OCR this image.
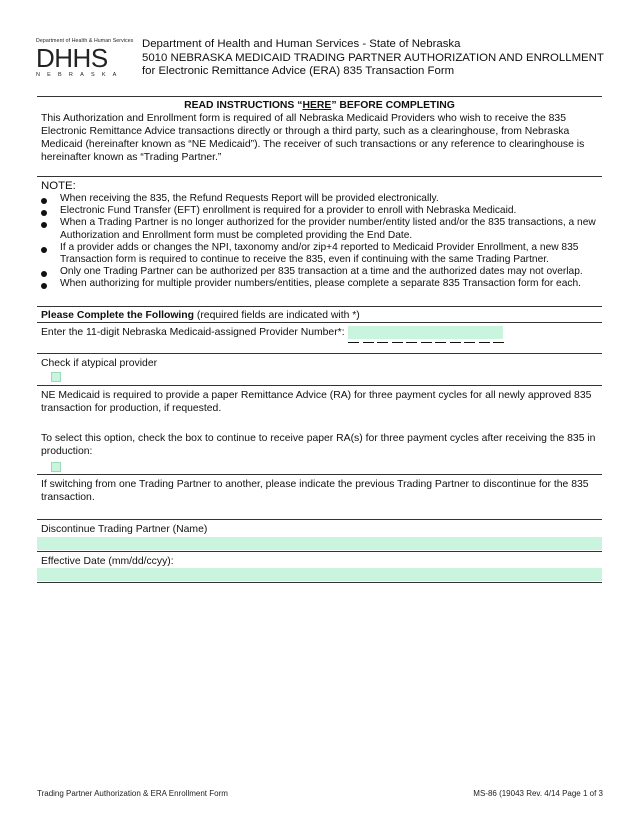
Department of Health & Human Services
DHHS
NEBRASKA
Department of Health and Human Services - State of Nebraska
5010 NEBRASKA MEDICAID TRADING PARTNER AUTHORIZATION AND ENROLLMENT
for Electronic Remittance Advice (ERA) 835 Transaction Form
READ INSTRUCTIONS “HERE” BEFORE COMPLETING
This Authorization and Enrollment form is required of all Nebraska Medicaid Providers who wish to receive the 835 Electronic Remittance Advice transactions directly or through a third party, such as a clearinghouse, from Nebraska Medicaid (hereinafter known as “NE Medicaid”). The receiver of such transactions or any reference to clearinghouse is hereinafter known as “Trading Partner.”
NOTE:
When receiving the 835, the Refund Requests Report will be provided electronically.
Electronic Fund Transfer (EFT) enrollment is required for a provider to enroll with Nebraska Medicaid.
When a Trading Partner is no longer authorized for the provider number/entity listed and/or the 835 transactions, a new Authorization and Enrollment form must be completed providing the End Date.
If a provider adds or changes the NPI, taxonomy and/or zip+4 reported to Medicaid Provider Enrollment, a new 835 Transaction form is required to continue to receive the 835, even if continuing with the same Trading Partner.
Only one Trading Partner can be authorized per 835 transaction at a time and the authorized dates may not overlap.
When authorizing for multiple provider numbers/entities, please complete a separate 835 Transaction form for each.
Please Complete the Following (required fields are indicated with *)
Enter the 11-digit Nebraska Medicaid-assigned Provider Number*:
Check if atypical provider
NE Medicaid is required to provide a paper Remittance Advice (RA) for three payment cycles for all newly approved 835 transaction for production, if requested.
To select this option, check the box to continue to receive paper RA(s) for three payment cycles after receiving the 835 in production:
If switching from one Trading Partner to another, please indicate the previous Trading Partner to discontinue for the 835 transaction.
Discontinue Trading Partner (Name)
Effective Date (mm/dd/ccyy):
Trading Partner Authorization & ERA Enrollment Form	MS-86 (19043 Rev. 4/14 Page 1 of 3
